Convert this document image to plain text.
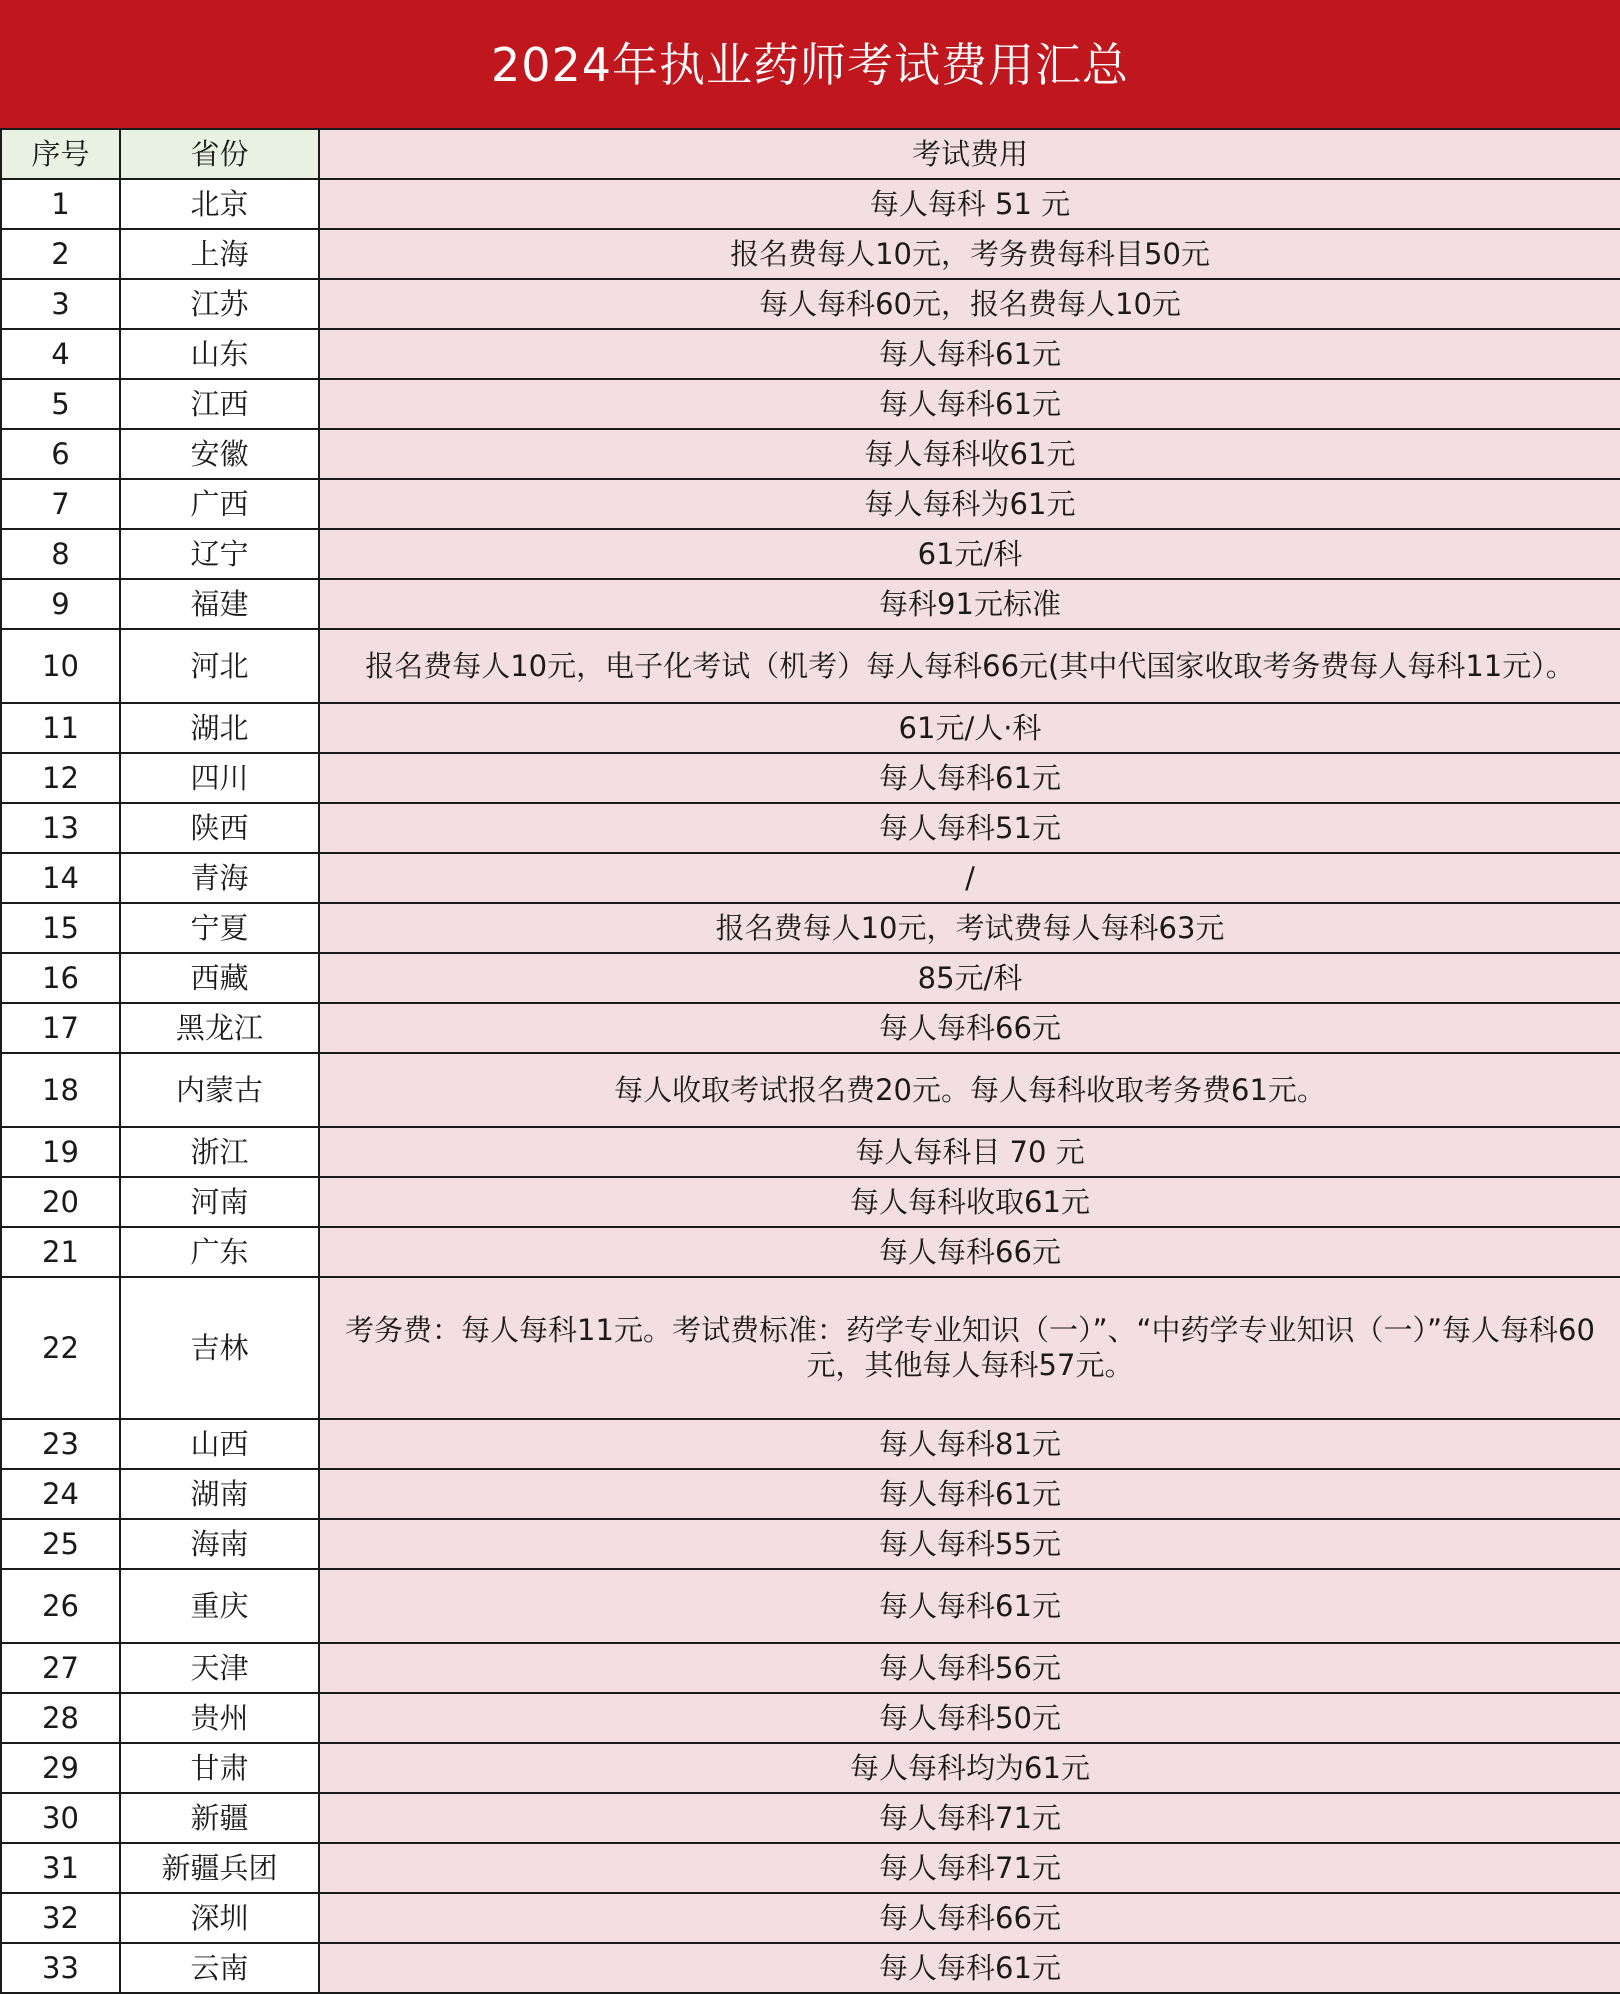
2024年执业药师考试费用汇总
序号	省份	考试费用
1	北京	每人每科 51 元

2	上海	报名费每人10元，考务费每科目50元

3	江苏	每人每科60元，报名费每人10元

4	山东	每人每科61元

5	江西	每人每科61元

6	安徽	每人每科收61元

7	广西	每人每科为61元

8	辽宁	61元/科

9	福建	每科91元标准

10	河北	报名费每人10元，电子化考试（机考）每人每科66元(其中代国家收取考务费每人每科11元）。

11	湖北	61元/人·科

12	四川	每人每科61元

13	陕西	每人每科51元

14	青海	/

15	宁夏	报名费每人10元，考试费每人每科63元

16	西藏	85元/科

17	黑龙江	每人每科66元

18	内蒙古	每人收取考试报名费20元。每人每科收取考务费61元。

19	浙江	每人每科目 70 元

20	河南	每人每科收取61元

21	广东	每人每科66元

22	吉林	考务费：每人每科11元。考试费标准：药学专业知识（一）”、“中药学专业知识（一）”每人每科60元，其他每人每科57元。

23	山西	每人每科81元

24	湖南	每人每科61元

25	海南	每人每科55元

26	重庆	每人每科61元

27	天津	每人每科56元

28	贵州	每人每科50元

29	甘肃	每人每科均为61元

30	新疆	每人每科71元

31	新疆兵团	每人每科71元

32	深圳	每人每科66元

33	云南	每人每科61元
